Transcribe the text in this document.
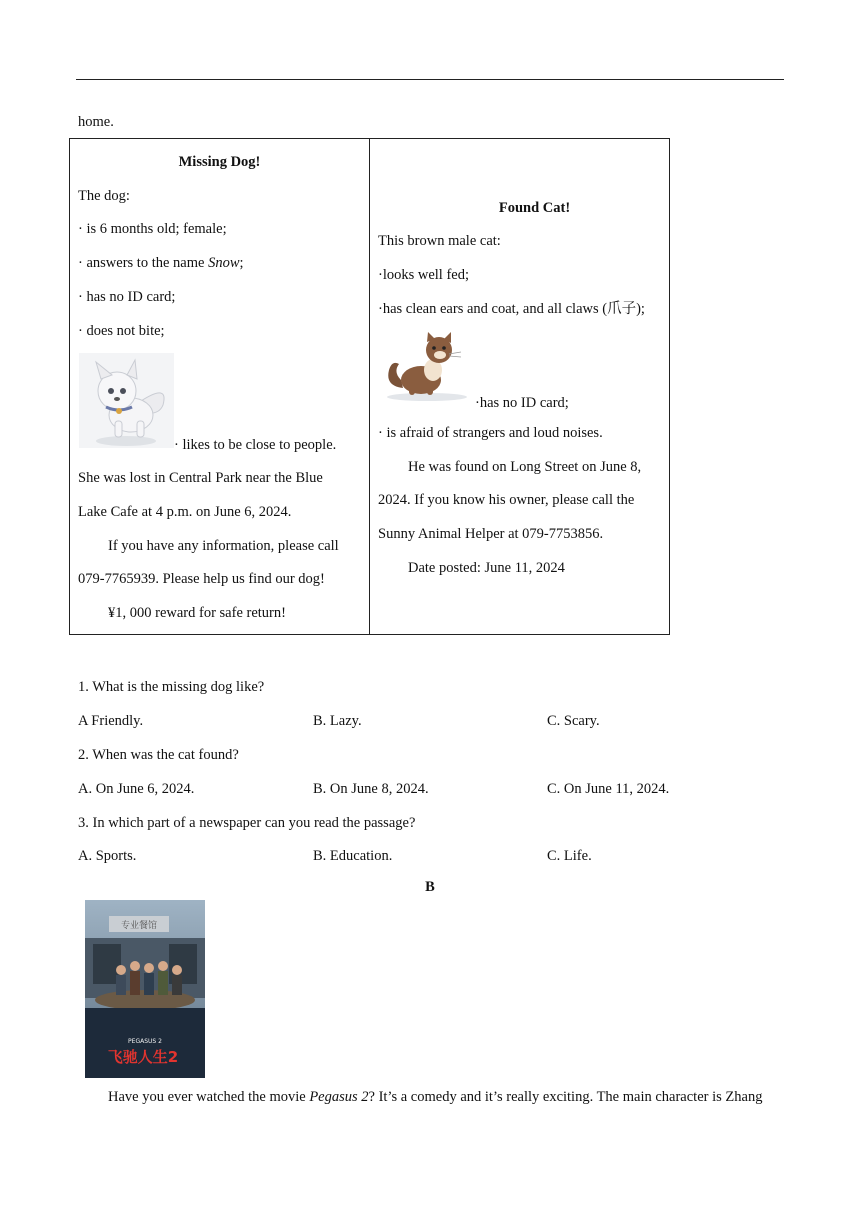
home.
Missing Dog!
The dog:
· is 6 months old; female;
· answers to the name Snow;
· has no ID card;
· does not bite;
· likes to be close to people.
She was lost in Central Park near the Blue
Lake Cafe at 4 p.m. on June 6, 2024.
If you have any information, please call
079-7765939. Please help us find our dog!
¥1, 000 reward for safe return!
Found Cat!
This brown male cat:
·looks well fed;
·has clean ears and coat, and all claws (爪子);
·has no ID card;
· is afraid of strangers and loud noises.
He was found on Long Street on June 8,
2024. If you know his owner, please call the
Sunny Animal Helper at 079-7753856.
Date posted: June 11, 2024
1. What is the missing dog like?
A Friendly.	B. Lazy.	C. Scary.
2. When was the cat found?
A. On June 6, 2024.	B. On June 8, 2024.	C. On June 11, 2024.
3. In which part of a newspaper can you read the passage?
A. Sports.	B. Education.	C. Life.
B
专业餐馆
PEGASUS 2
飞驰人生2
Have you ever watched the movie Pegasus 2? It’s a comedy and it’s really exciting. The main character is Zhang
